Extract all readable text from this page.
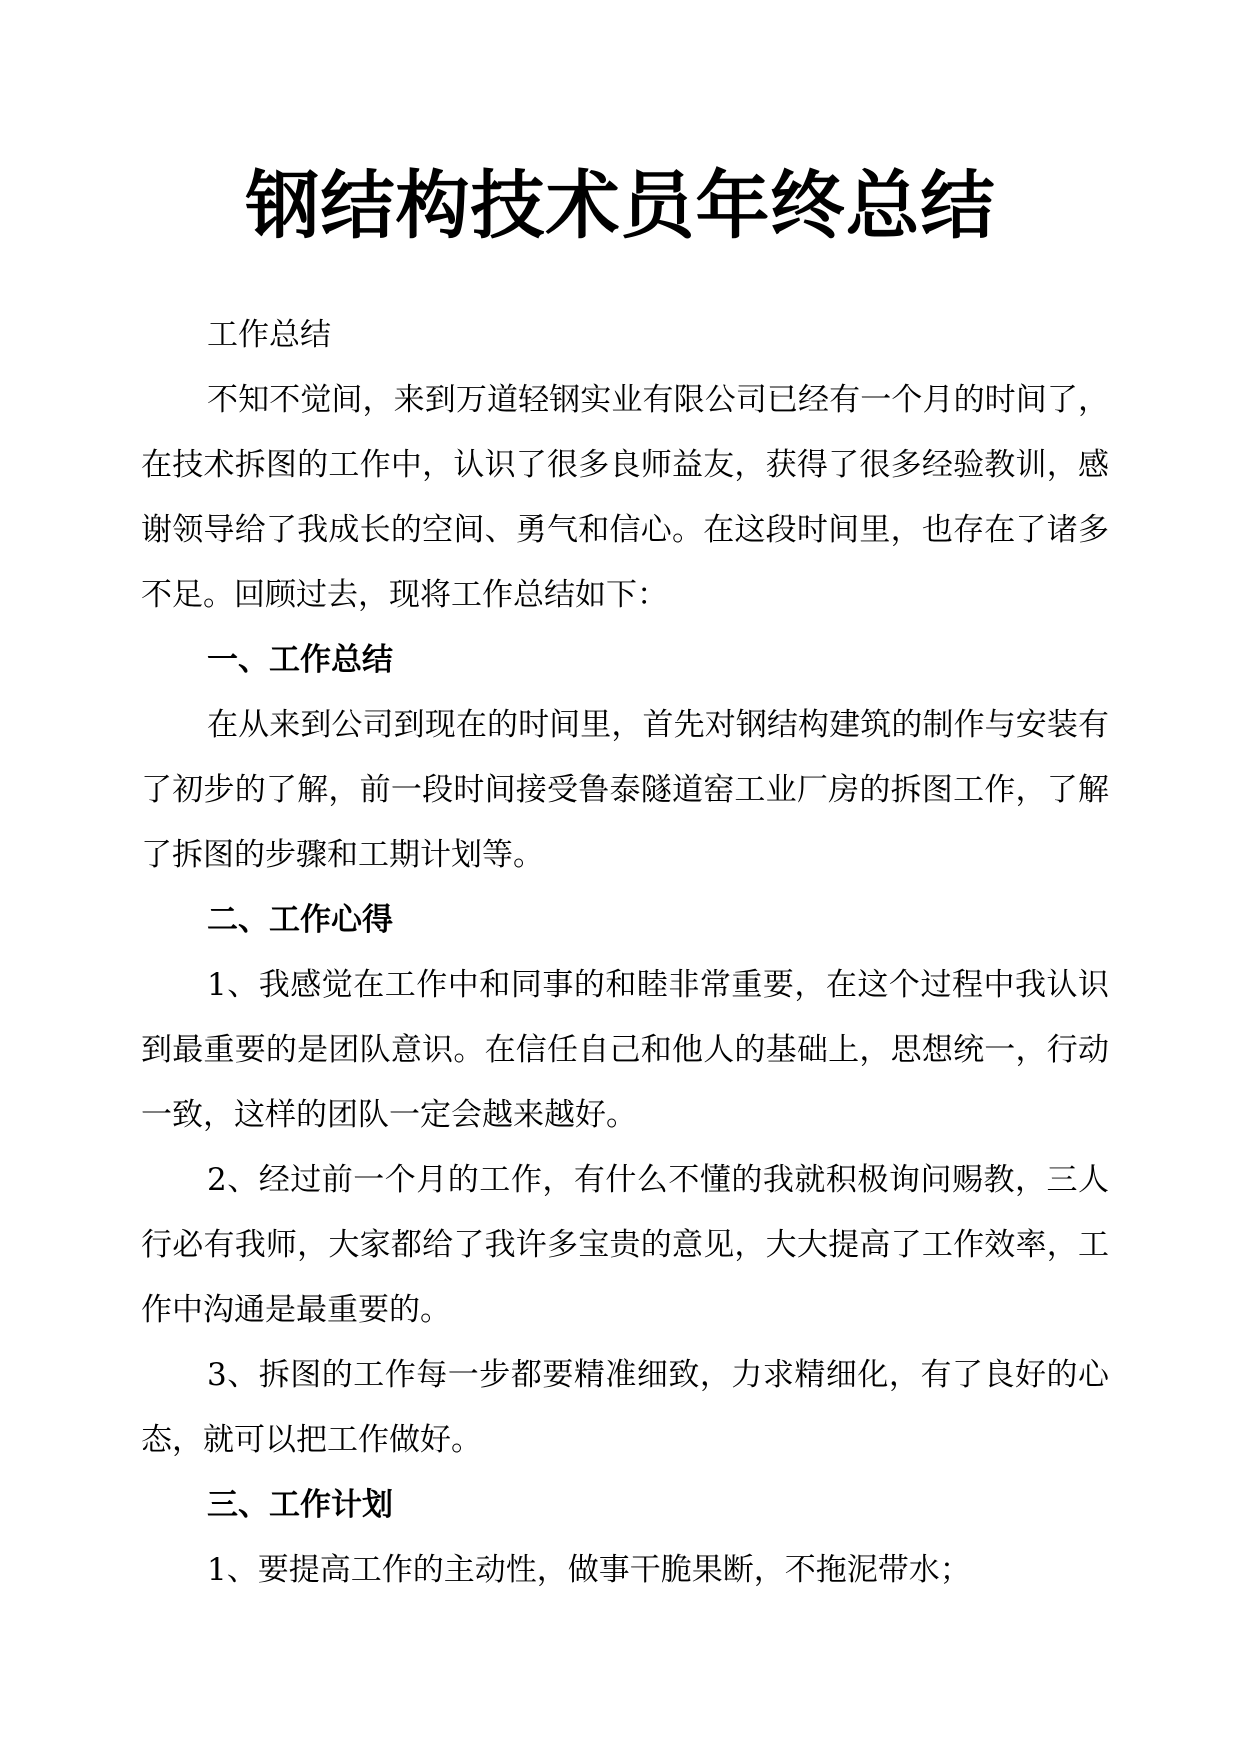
钢结构技术员年终总结

工作总结

不知不觉间，来到万道轻钢实业有限公司已经有一个月的时间了，在技术拆图的工作中，认识了很多良师益友，获得了很多经验教训，感谢领导给了我成长的空间、勇气和信心。在这段时间里，也存在了诸多不足。回顾过去，现将工作总结如下：

一、工作总结

在从来到公司到现在的时间里，首先对钢结构建筑的制作与安装有了初步的了解，前一段时间接受鲁泰隧道窑工业厂房的拆图工作，了解了拆图的步骤和工期计划等。

二、工作心得

1、我感觉在工作中和同事的和睦非常重要，在这个过程中我认识到最重要的是团队意识。在信任自己和他人的基础上，思想统一，行动一致，这样的团队一定会越来越好。

2、经过前一个月的工作，有什么不懂的我就积极询问赐教，三人行必有我师，大家都给了我许多宝贵的意见，大大提高了工作效率，工作中沟通是最重要的。

3、拆图的工作每一步都要精准细致，力求精细化，有了良好的心态，就可以把工作做好。

三、工作计划

1、要提高工作的主动性，做事干脆果断，不拖泥带水；
